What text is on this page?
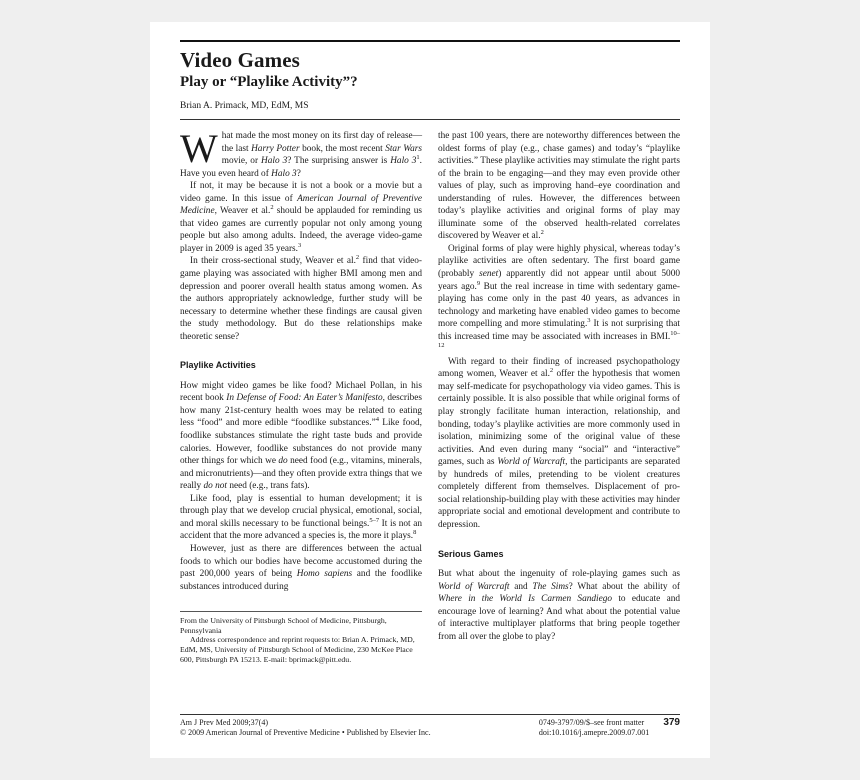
Video Games
Play or “Playlike Activity”?
Brian A. Primack, MD, EdM, MS

What made the most money on its first day of release—the last Harry Potter book, the most recent Star Wars movie, or Halo 3? The surprising answer is Halo $3^1$. Have you even heard of Halo 3?

If not, it may be because it is not a book or a movie but a video game. In this issue of American Journal of Preventive Medicine, Weaver et al.$^2$ should be applauded for reminding us that video games are currently popular not only among young people but also among adults. Indeed, the average video-game player in 2009 is aged 35 years.$^3$

In their cross-sectional study, Weaver et al.$^2$ find that video-game playing was associated with higher BMI among men and depression and poorer overall health status among women. As the authors appropriately acknowledge, further study will be necessary to determine whether these findings are causal given the study methodology. But do these relationships make theoretic sense?

Playlike Activities

How might video games be like food? Michael Pollan, in his recent book In Defense of Food: An Eater’s Manifesto, describes how many 21st-century health woes may be related to eating less “food” and more edible “foodlike substances.”$^4$ Like food, foodlike substances stimulate the right taste buds and provide calories. However, foodlike substances do not provide many other things for which we do need food (e.g., vitamins, minerals, and micronutrients)—and they often provide extra things that we really do not need (e.g., trans fats).

Like food, play is essential to human development; it is through play that we develop crucial physical, emotional, social, and moral skills necessary to be functional beings.$^{5-7}$ It is not an accident that the more advanced a species is, the more it plays.$^8$

However, just as there are differences between the actual foods to which our bodies have become accustomed during the past 200,000 years of being Homo sapiens and the foodlike substances introduced during

From the University of Pittsburgh School of Medicine, Pittsburgh, Pennsylvania

Address correspondence and reprint requests to: Brian A. Primack, MD, EdM, MS, University of Pittsburgh School of Medicine, 230 McKee Place 600, Pittsburgh PA 15213. E-mail: bprimack@pitt.edu.

the past 100 years, there are noteworthy differences between the oldest forms of play (e.g., chase games) and today’s “playlike activities.” These playlike activities may stimulate the right parts of the brain to be engaging—and they may even provide other values of play, such as improving hand–eye coordination and understanding of rules. However, the differences between today’s playlike activities and original forms of play may illuminate some of the observed health-related correlates discovered by Weaver et al.$^2$

Original forms of play were highly physical, whereas today’s playlike activities are often sedentary. The first board game (probably senet) apparently did not appear until about 5000 years ago.$^9$ But the real increase in time with sedentary game-playing has come only in the past 40 years, as advances in technology and marketing have enabled video games to become more compelling and more stimulating.$^3$ It is not surprising that this increased time may be associated with increases in BMI.$^{10-12}$

With regard to their finding of increased psychopathology among women, Weaver et al.$^2$ offer the hypothesis that women may self-medicate for psychopathology via video games. This is certainly possible. It is also possible that while original forms of play strongly facilitate human interaction, relationship, and bonding, today’s playlike activities are more commonly used in isolation, minimizing some of the original value of these activities. And even during many “social” and “interactive” games, such as World of Warcraft, the participants are separated by hundreds of miles, pretending to be violent creatures completely different from themselves. Displacement of pro-social relationship-building play with these activities may hinder appropriate social and emotional development and contribute to depression.

Serious Games

But what about the ingenuity of role-playing games such as World of Warcraft and The Sims? What about the ability of Where in the World Is Carmen Sandiego to educate and encourage love of learning? And what about the potential value of interactive multiplayer platforms that bring people together from all over the globe to play?

Am J Prev Med 2009;37(4)
© 2009 American Journal of Preventive Medicine • Published by Elsevier Inc.
0749-3797/09/$–see front matter
doi:10.1016/j.amepre.2009.07.001
379
